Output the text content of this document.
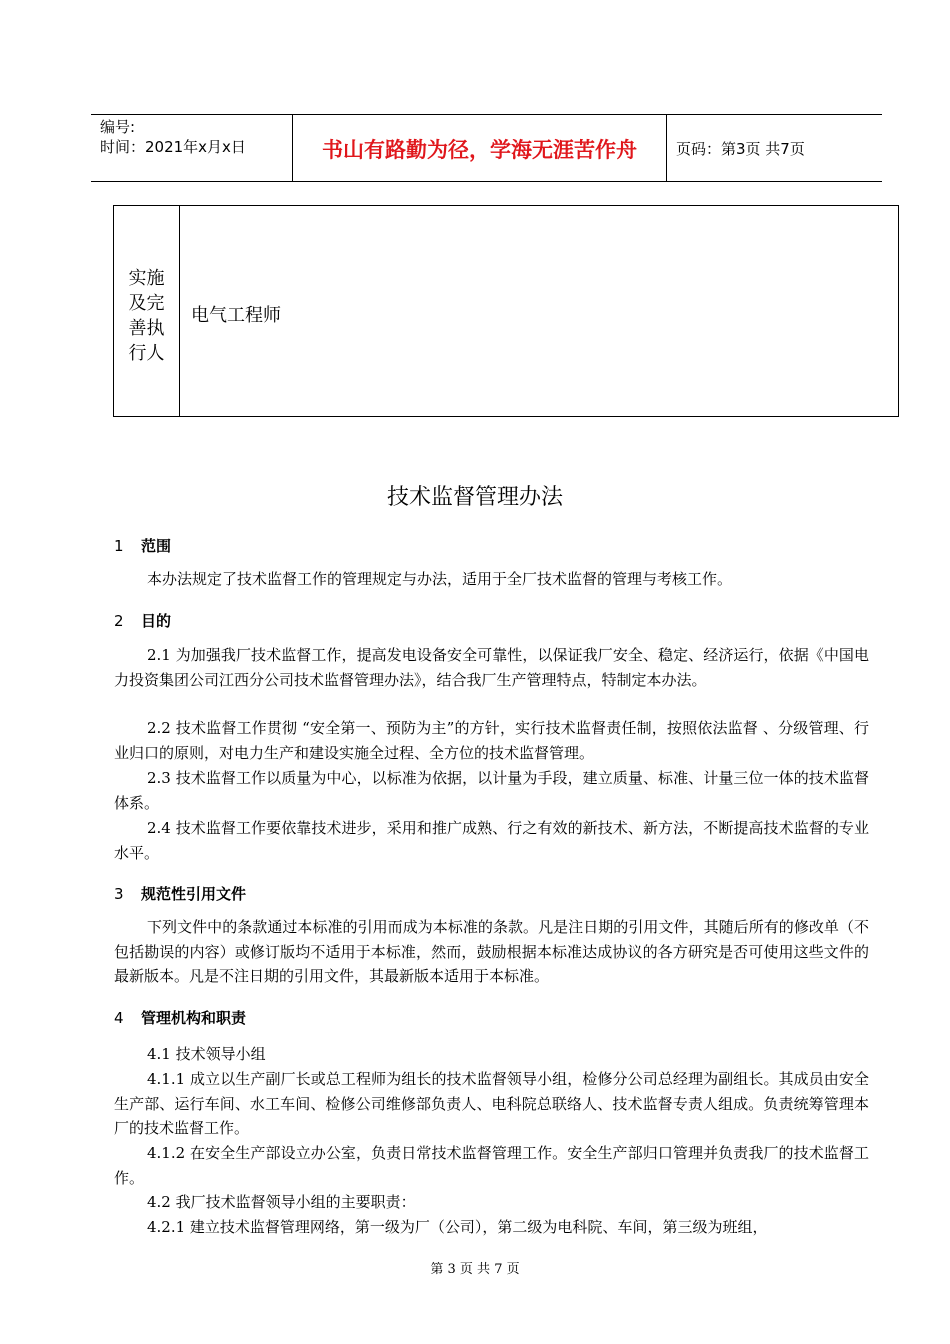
编号:
时间：2021年x月x日	书山有路勤为径，学海无涯苦作舟	页码：第3页 共7页
实施
及完
善执
行人
电气工程师
技术监督管理办法
1 范围
本办法规定了技术监督工作的管理规定与办法，适用于全厂技术监督的管理与考核工作。
2 目的
2.1 为加强我厂技术监督工作，提高发电设备安全可靠性，以保证我厂安全、稳定、经济运行，依据《中国电力投资集团公司江西分公司技术监督管理办法》，结合我厂生产管理特点，特制定本办法。
2.2 技术监督工作贯彻 “安全第一、预防为主”的方针，实行技术监督责任制，按照依法监督 、分级管理、行业归口的原则，对电力生产和建设实施全过程、全方位的技术监督管理。
2.3 技术监督工作以质量为中心，以标准为依据，以计量为手段，建立质量、标准、计量三位一体的技术监督体系。
2.4 技术监督工作要依靠技术进步，采用和推广成熟、行之有效的新技术、新方法，不断提高技术监督的专业水平。
3 规范性引用文件
下列文件中的条款通过本标准的引用而成为本标准的条款。凡是注日期的引用文件，其随后所有的修改单（不包括勘误的内容）或修订版均不适用于本标准，然而，鼓励根据本标准达成协议的各方研究是否可使用这些文件的最新版本。凡是不注日期的引用文件，其最新版本适用于本标准。
4 管理机构和职责
4.1 技术领导小组
4.1.1 成立以生产副厂长或总工程师为组长的技术监督领导小组，检修分公司总经理为副组长。其成员由安全生产部、运行车间、水工车间、检修公司维修部负责人、电科院总联络人、技术监督专责人组成。负责统筹管理本厂的技术监督工作。
4.1.2 在安全生产部设立办公室，负责日常技术监督管理工作。安全生产部归口管理并负责我厂的技术监督工作。
4.2 我厂技术监督领导小组的主要职责：
4.2.1 建立技术监督管理网络，第一级为厂（公司），第二级为电科院、车间，第三级为班组，
第 3 页 共 7 页
